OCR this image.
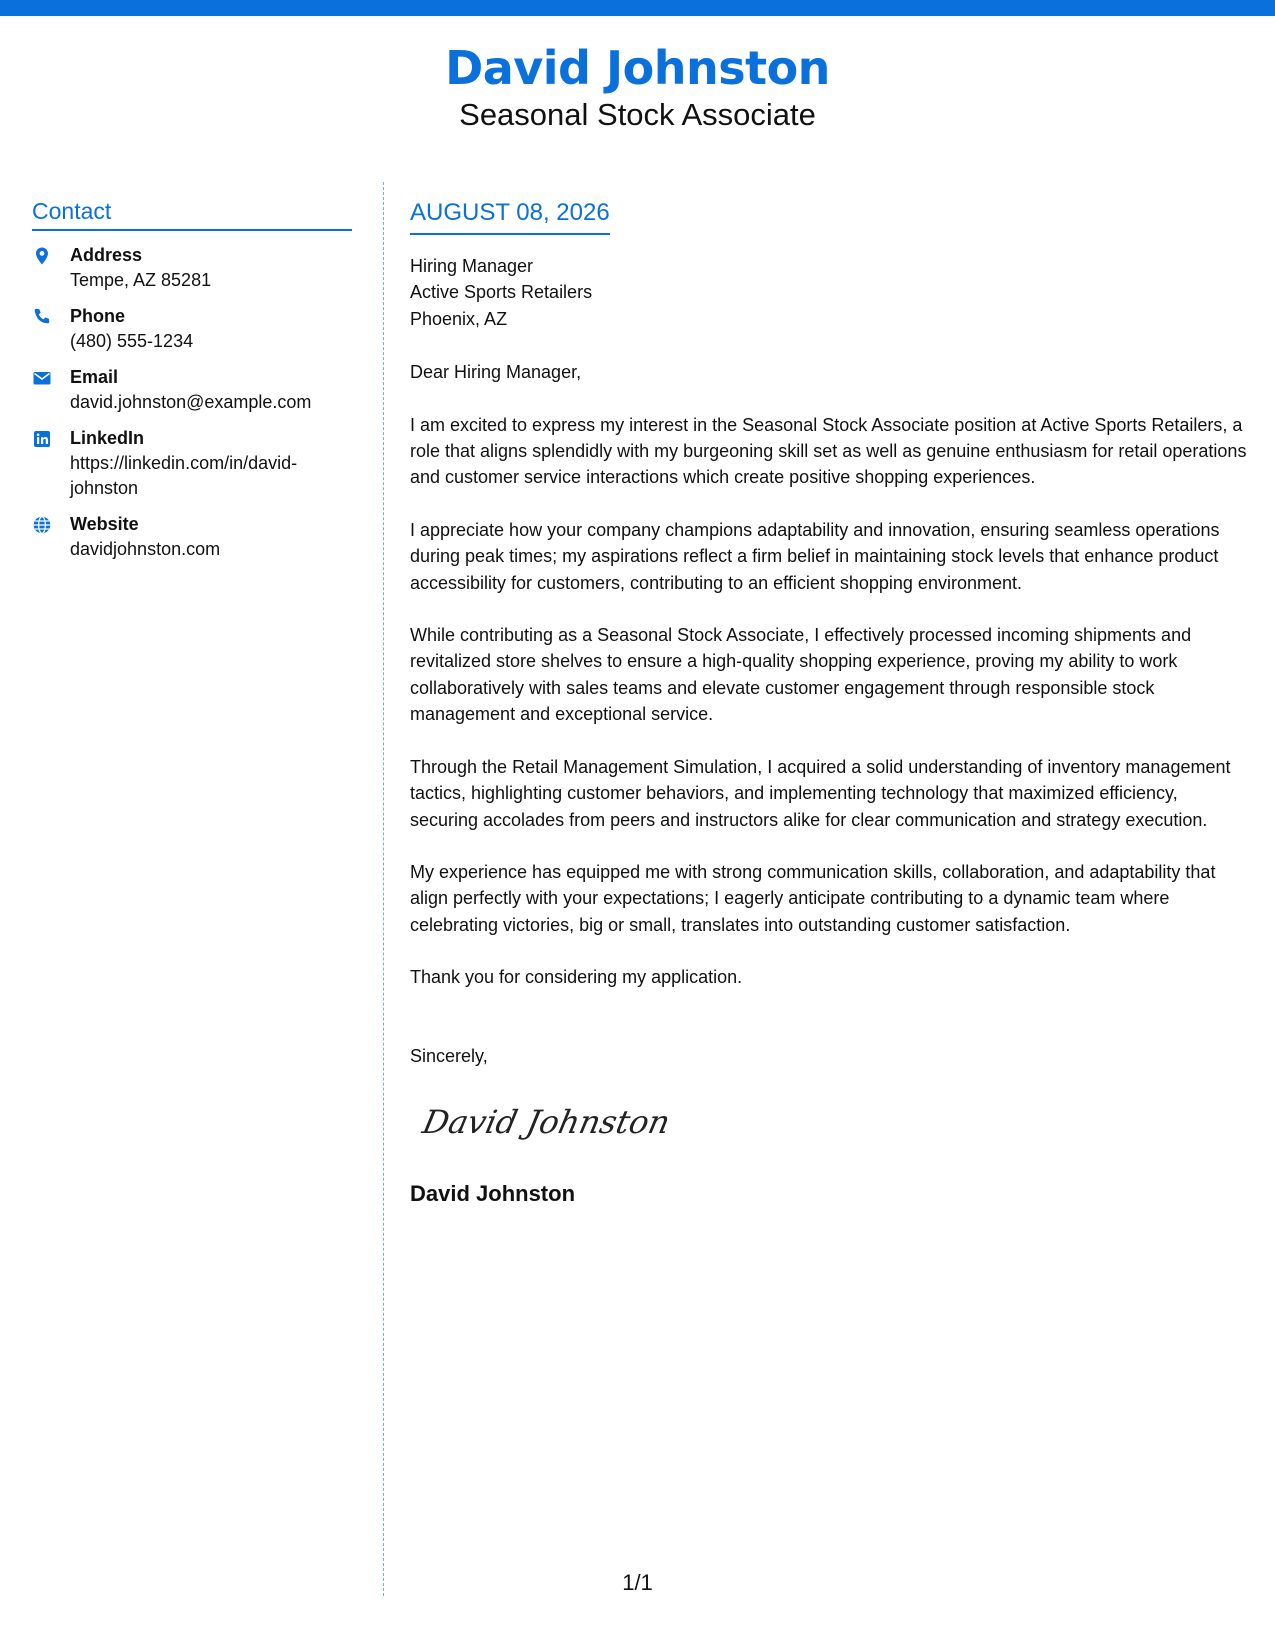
David Johnston
Seasonal Stock Associate
Contact
Address
Tempe, AZ 85281
Phone
(480) 555-1234
Email
david.johnston@example.com
LinkedIn
https://linkedin.com/in/david-johnston
Website
davidjohnston.com
AUGUST 08, 2026
Hiring Manager
Active Sports Retailers
Phoenix, AZ
Dear Hiring Manager,
I am excited to express my interest in the Seasonal Stock Associate position at Active Sports Retailers, a role that aligns splendidly with my burgeoning skill set as well as genuine enthusiasm for retail operations and customer service interactions which create positive shopping experiences.
I appreciate how your company champions adaptability and innovation, ensuring seamless operations during peak times; my aspirations reflect a firm belief in maintaining stock levels that enhance product accessibility for customers, contributing to an efficient shopping environment.
While contributing as a Seasonal Stock Associate, I effectively processed incoming shipments and revitalized store shelves to ensure a high-quality shopping experience, proving my ability to work collaboratively with sales teams and elevate customer engagement through responsible stock management and exceptional service.
Through the Retail Management Simulation, I acquired a solid understanding of inventory management tactics, highlighting customer behaviors, and implementing technology that maximized efficiency, securing accolades from peers and instructors alike for clear communication and strategy execution.
My experience has equipped me with strong communication skills, collaboration, and adaptability that align perfectly with your expectations; I eagerly anticipate contributing to a dynamic team where celebrating victories, big or small, translates into outstanding customer satisfaction.
Thank you for considering my application.
Sincerely,
David Johnston
David Johnston
1/1
